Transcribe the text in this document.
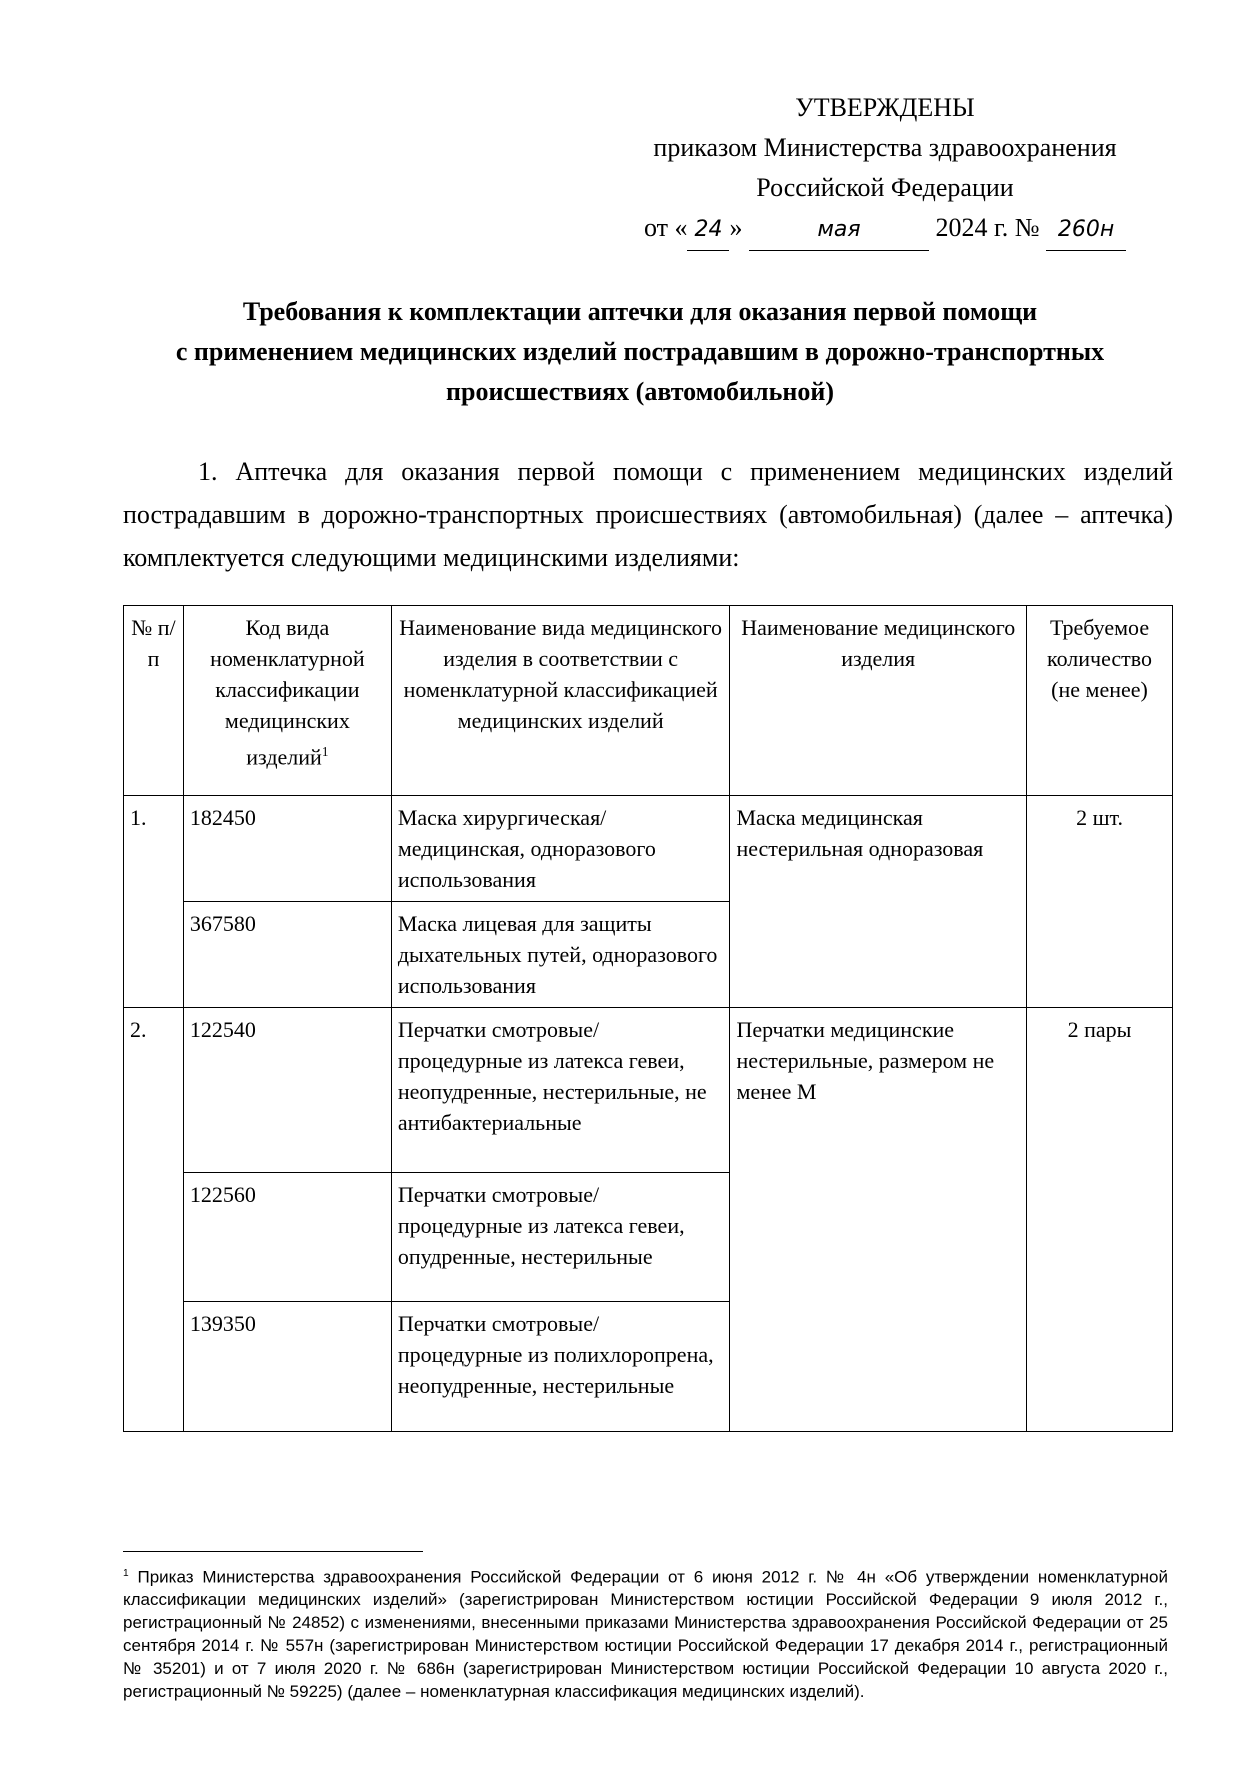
УТВЕРЖДЕНЫ
приказом Министерства здравоохранения
Российской Федерации
от « 24 »	мая	2024 г. № 260н
Требования к комплектации аптечки для оказания первой помощи
с применением медицинских изделий пострадавшим в дорожно-транспортных
происшествиях (автомобильной)
1. Аптечка для оказания первой помощи с применением медицинских изделий пострадавшим в дорожно-транспортных происшествиях (автомобильная) (далее – аптечка) комплектуется следующими медицинскими изделиями:
№ п/п	Код вида номенклатурной классификации медицинских изделий$^1$	Наименование вида медицинского изделия в соответствии с номенклатурной классификацией медицинских изделий	Наименование медицинского изделия	Требуемое количество (не менее)
1.	182450	Маска хирургическая/ медицинская, одноразового использования	Маска медицинская нестерильная одноразовая	2 шт.
	367580	Маска лицевая для защиты дыхательных путей, одноразового использования		
2.	122540	Перчатки смотровые/ процедурные из латекса гевеи, неопудренные, нестерильные, не антибактериальные	Перчатки медицинские нестерильные, размером не менее M	2 пары
	122560	Перчатки смотровые/ процедурные из латекса гевеи, опудренные, нестерильные		
	139350	Перчатки смотровые/ процедурные из полихлоропрена, неопудренные, нестерильные		
$^1$ Приказ Министерства здравоохранения Российской Федерации от 6 июня 2012 г. № 4н «Об утверждении номенклатурной классификации медицинских изделий» (зарегистрирован Министерством юстиции Российской Федерации 9 июля 2012 г., регистрационный № 24852) с изменениями, внесенными приказами Министерства здравоохранения Российской Федерации от 25 сентября 2014 г. № 557н (зарегистрирован Министерством юстиции Российской Федерации 17 декабря 2014 г., регистрационный № 35201) и от 7 июля 2020 г. № 686н (зарегистрирован Министерством юстиции Российской Федерации 10 августа 2020 г., регистрационный № 59225) (далее – номенклатурная классификация медицинских изделий).
